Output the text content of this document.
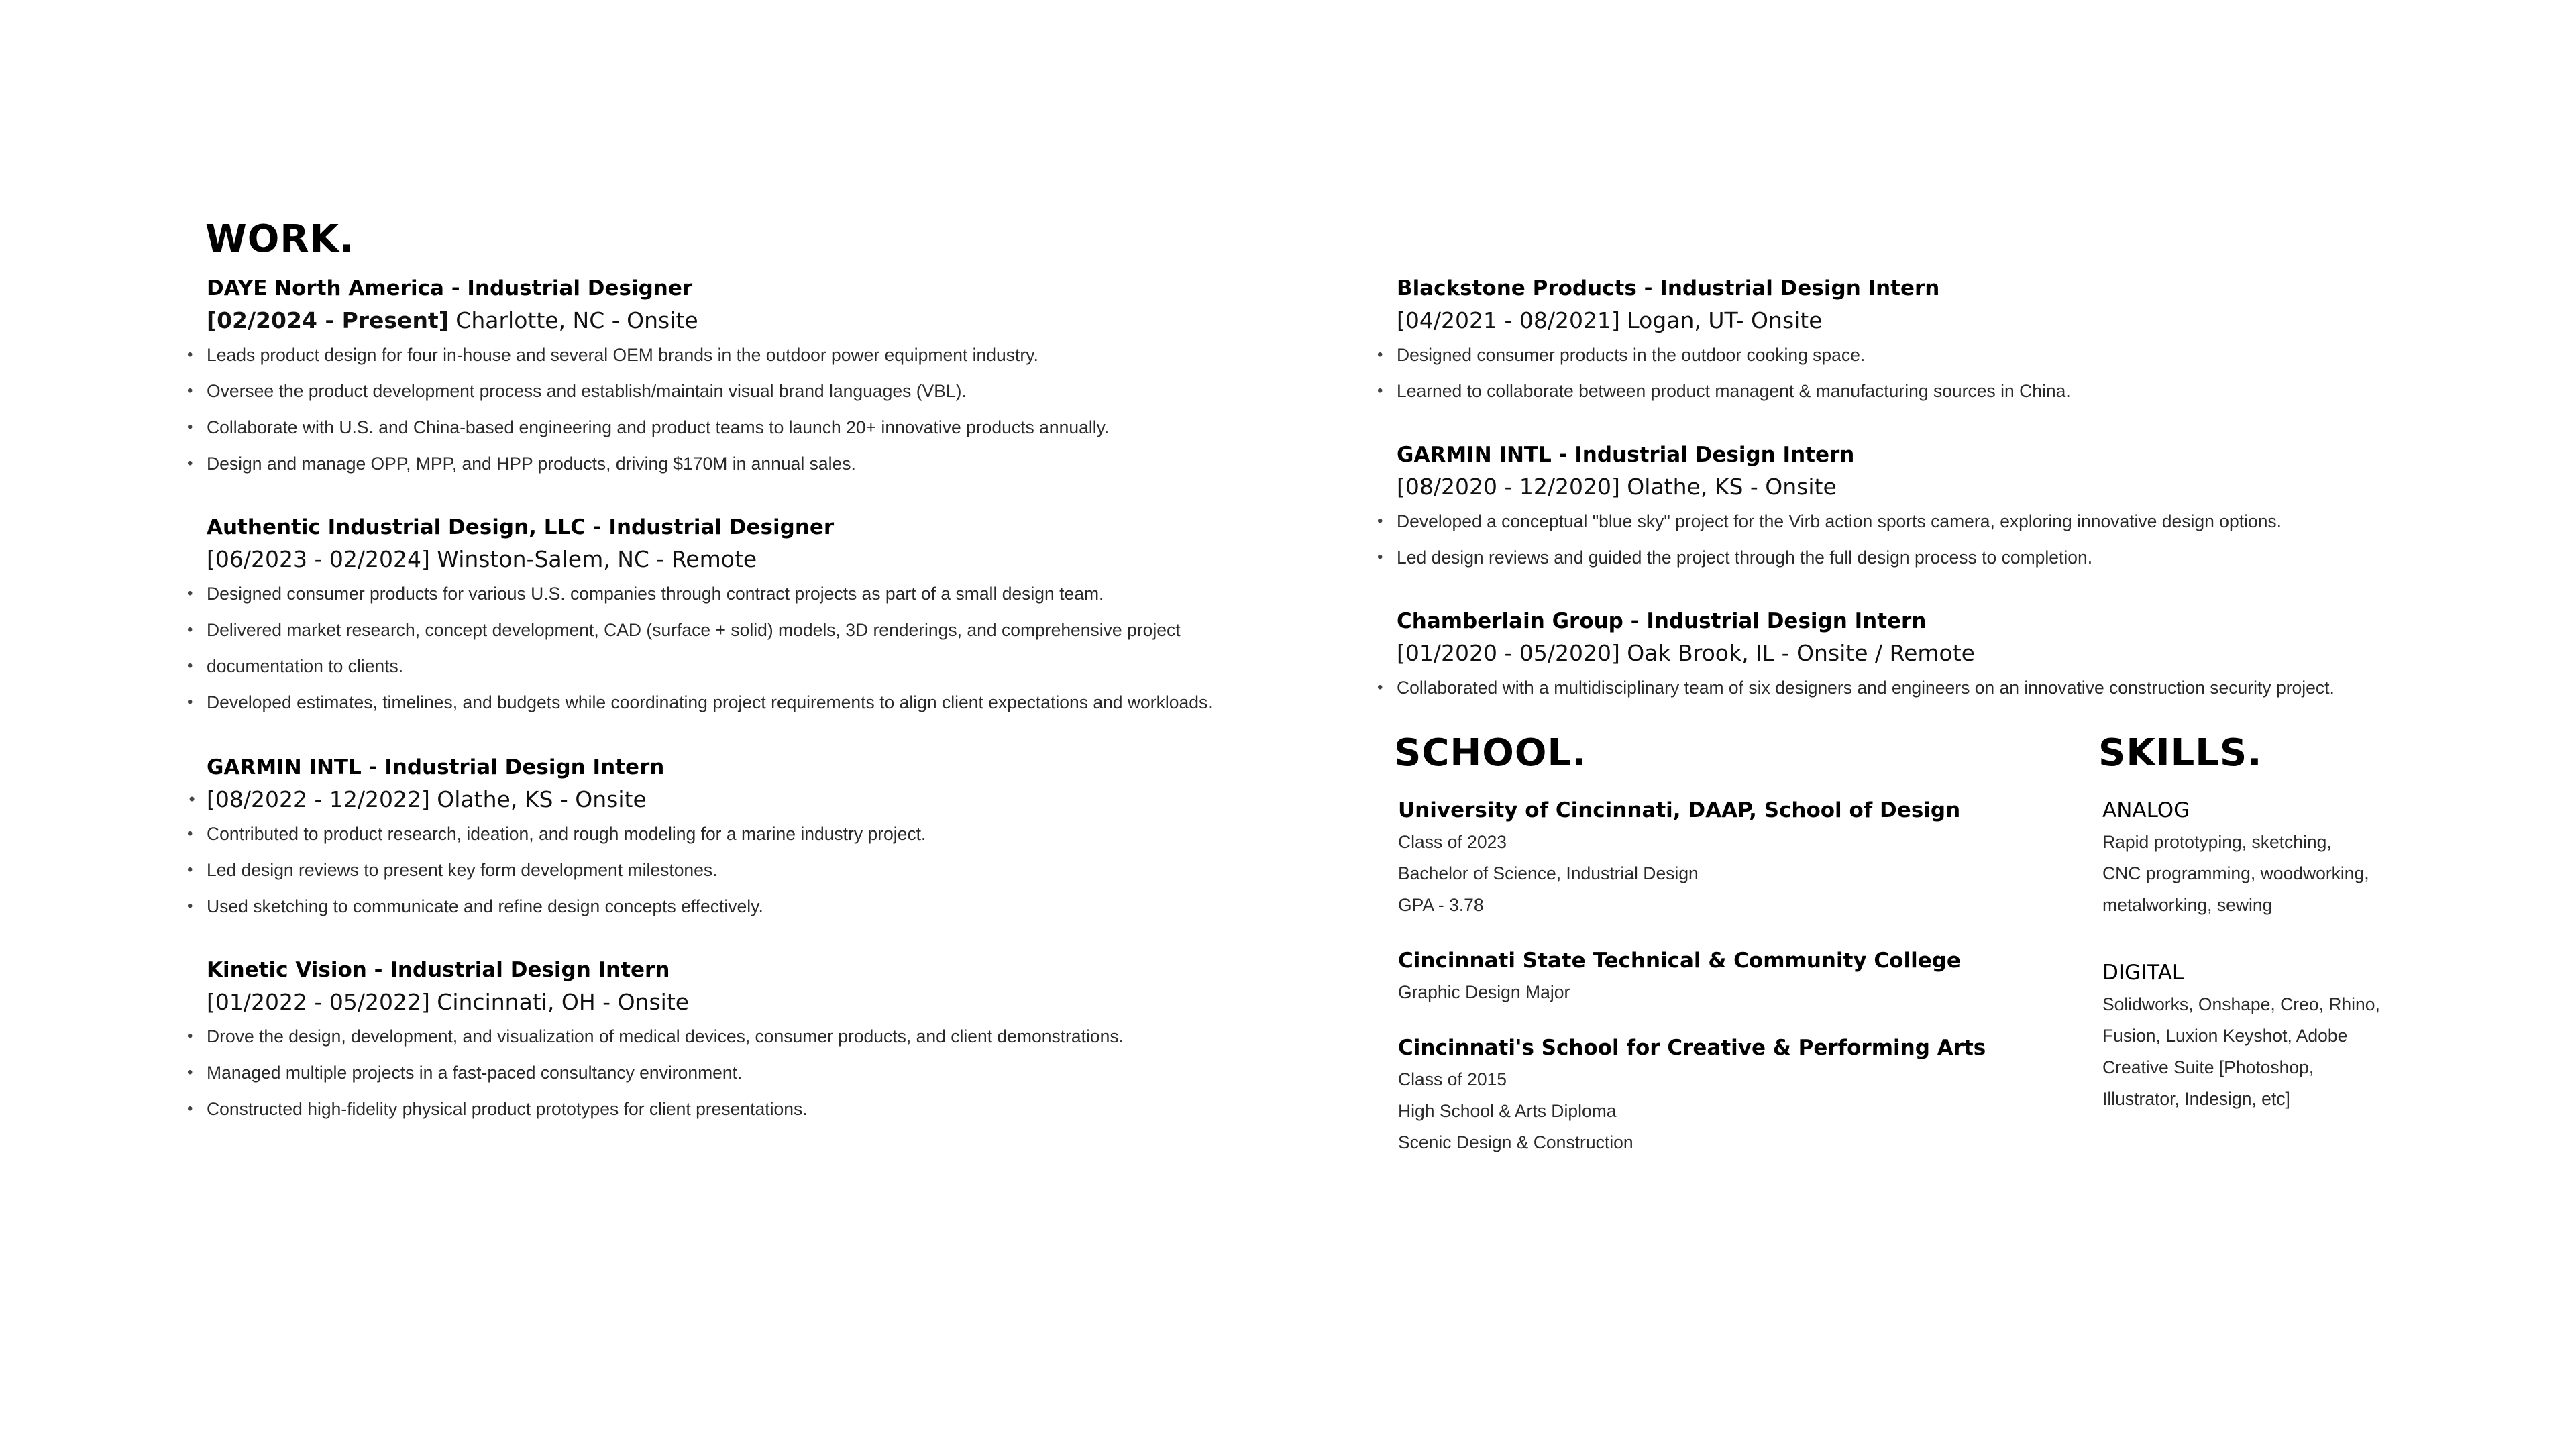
WORK.
DAYE North America - Industrial Designer
[02/2024 - Present] Charlotte, NC - Onsite
• Leads product design for four in-house and several OEM brands in the outdoor power equipment industry.
• Oversee the product development process and establish/maintain visual brand languages (VBL).
• Collaborate with U.S. and China-based engineering and product teams to launch 20+ innovative products annually.
• Design and manage OPP, MPP, and HPP products, driving $170M in annual sales.
Authentic Industrial Design, LLC - Industrial Designer
[06/2023 - 02/2024] Winston-Salem, NC - Remote
• Designed consumer products for various U.S. companies through contract projects as part of a small design team.
• Delivered market research, concept development, CAD (surface + solid) models, 3D renderings, and comprehensive project
• documentation to clients.
• Developed estimates, timelines, and budgets while coordinating project requirements to align client expectations and workloads.
GARMIN INTL - Industrial Design Intern
• [08/2022 - 12/2022] Olathe, KS - Onsite
• Contributed to product research, ideation, and rough modeling for a marine industry project.
• Led design reviews to present key form development milestones.
• Used sketching to communicate and refine design concepts effectively.
Kinetic Vision - Industrial Design Intern
[01/2022 - 05/2022] Cincinnati, OH - Onsite
• Drove the design, development, and visualization of medical devices, consumer products, and client demonstrations.
• Managed multiple projects in a fast-paced consultancy environment.
• Constructed high-fidelity physical product prototypes for client presentations.
Blackstone Products - Industrial Design Intern
[04/2021 - 08/2021] Logan, UT- Onsite
• Designed consumer products in the outdoor cooking space.
• Learned to collaborate between product managent & manufacturing sources in China.
GARMIN INTL - Industrial Design Intern
[08/2020 - 12/2020] Olathe, KS - Onsite
• Developed a conceptual "blue sky" project for the Virb action sports camera, exploring innovative design options.
• Led design reviews and guided the project through the full design process to completion.
Chamberlain Group - Industrial Design Intern
[01/2020 - 05/2020] Oak Brook, IL - Onsite / Remote
• Collaborated with a multidisciplinary team of six designers and engineers on an innovative construction security project.
SCHOOL.
University of Cincinnati, DAAP, School of Design
Class of 2023
Bachelor of Science, Industrial Design
GPA - 3.78
Cincinnati State Technical & Community College
Graphic Design Major
Cincinnati's School for Creative & Performing Arts
Class of 2015
High School & Arts Diploma
Scenic Design & Construction
SKILLS.
ANALOG
Rapid prototyping, sketching,
CNC programming, woodworking,
metalworking, sewing
DIGITAL
Solidworks, Onshape, Creo, Rhino,
Fusion, Luxion Keyshot, Adobe
Creative Suite [Photoshop,
Illustrator, Indesign, etc]
